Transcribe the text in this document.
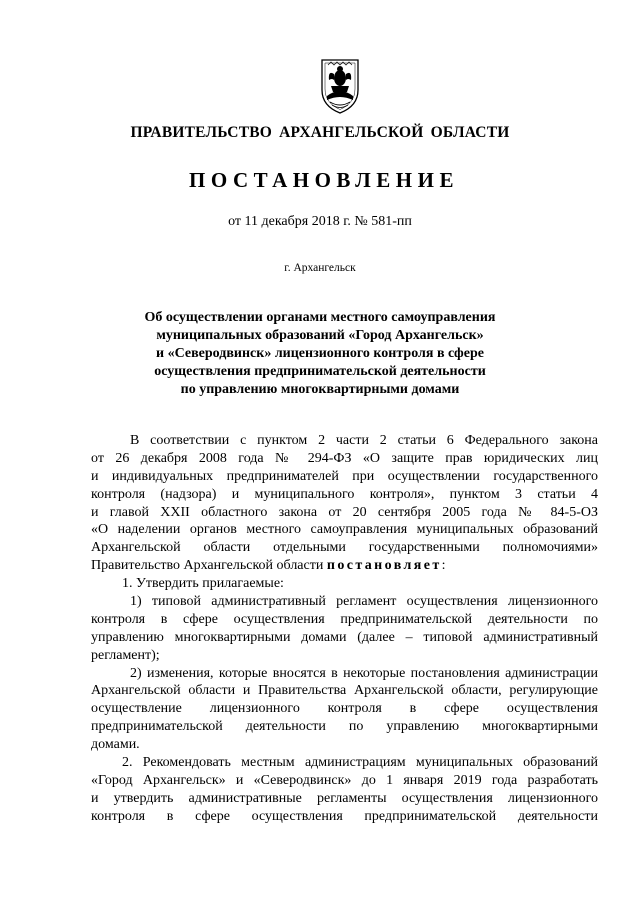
ПРАВИТЕЛЬСТВО АРХАНГЕЛЬСКОЙ ОБЛАСТИ
ПОСТАНОВЛЕНИЕ
от 11 декабря 2018 г. № 581-пп
г. Архангельск
Об осуществлении органами местного самоуправления
муниципальных образований «Город Архангельск»
и «Северодвинск» лицензионного контроля в сфере
осуществления предпринимательской деятельности
по управлению многоквартирными домами
В соответствии с пунктом 2 части 2 статьи 6 Федерального закона
от 26 декабря 2008 года № 294-ФЗ «О защите прав юридических лиц
и индивидуальных предпринимателей при осуществлении государственного
контроля (надзора) и муниципального контроля», пунктом 3 статьи 4
и главой XXII областного закона от 20 сентября 2005 года № 84-5-ОЗ
«О наделении органов местного самоуправления муниципальных образований
Архангельской области отдельными государственными полномочиями»
Правительство Архангельской области постановляет:
1. Утвердить прилагаемые:
1) типовой административный регламент осуществления лицензионного
контроля в сфере осуществления предпринимательской деятельности по
управлению многоквартирными домами (далее – типовой административный
регламент);
2) изменения, которые вносятся в некоторые постановления администрации
Архангельской области и Правительства Архангельской области, регулирующие
осуществление лицензионного контроля в сфере осуществления
предпринимательской деятельности по управлению многоквартирными
домами.
2. Рекомендовать местным администрациям муниципальных образований
«Город Архангельск» и «Северодвинск» до 1 января 2019 года разработать
и утвердить административные регламенты осуществления лицензионного
контроля в сфере осуществления предпринимательской деятельности
